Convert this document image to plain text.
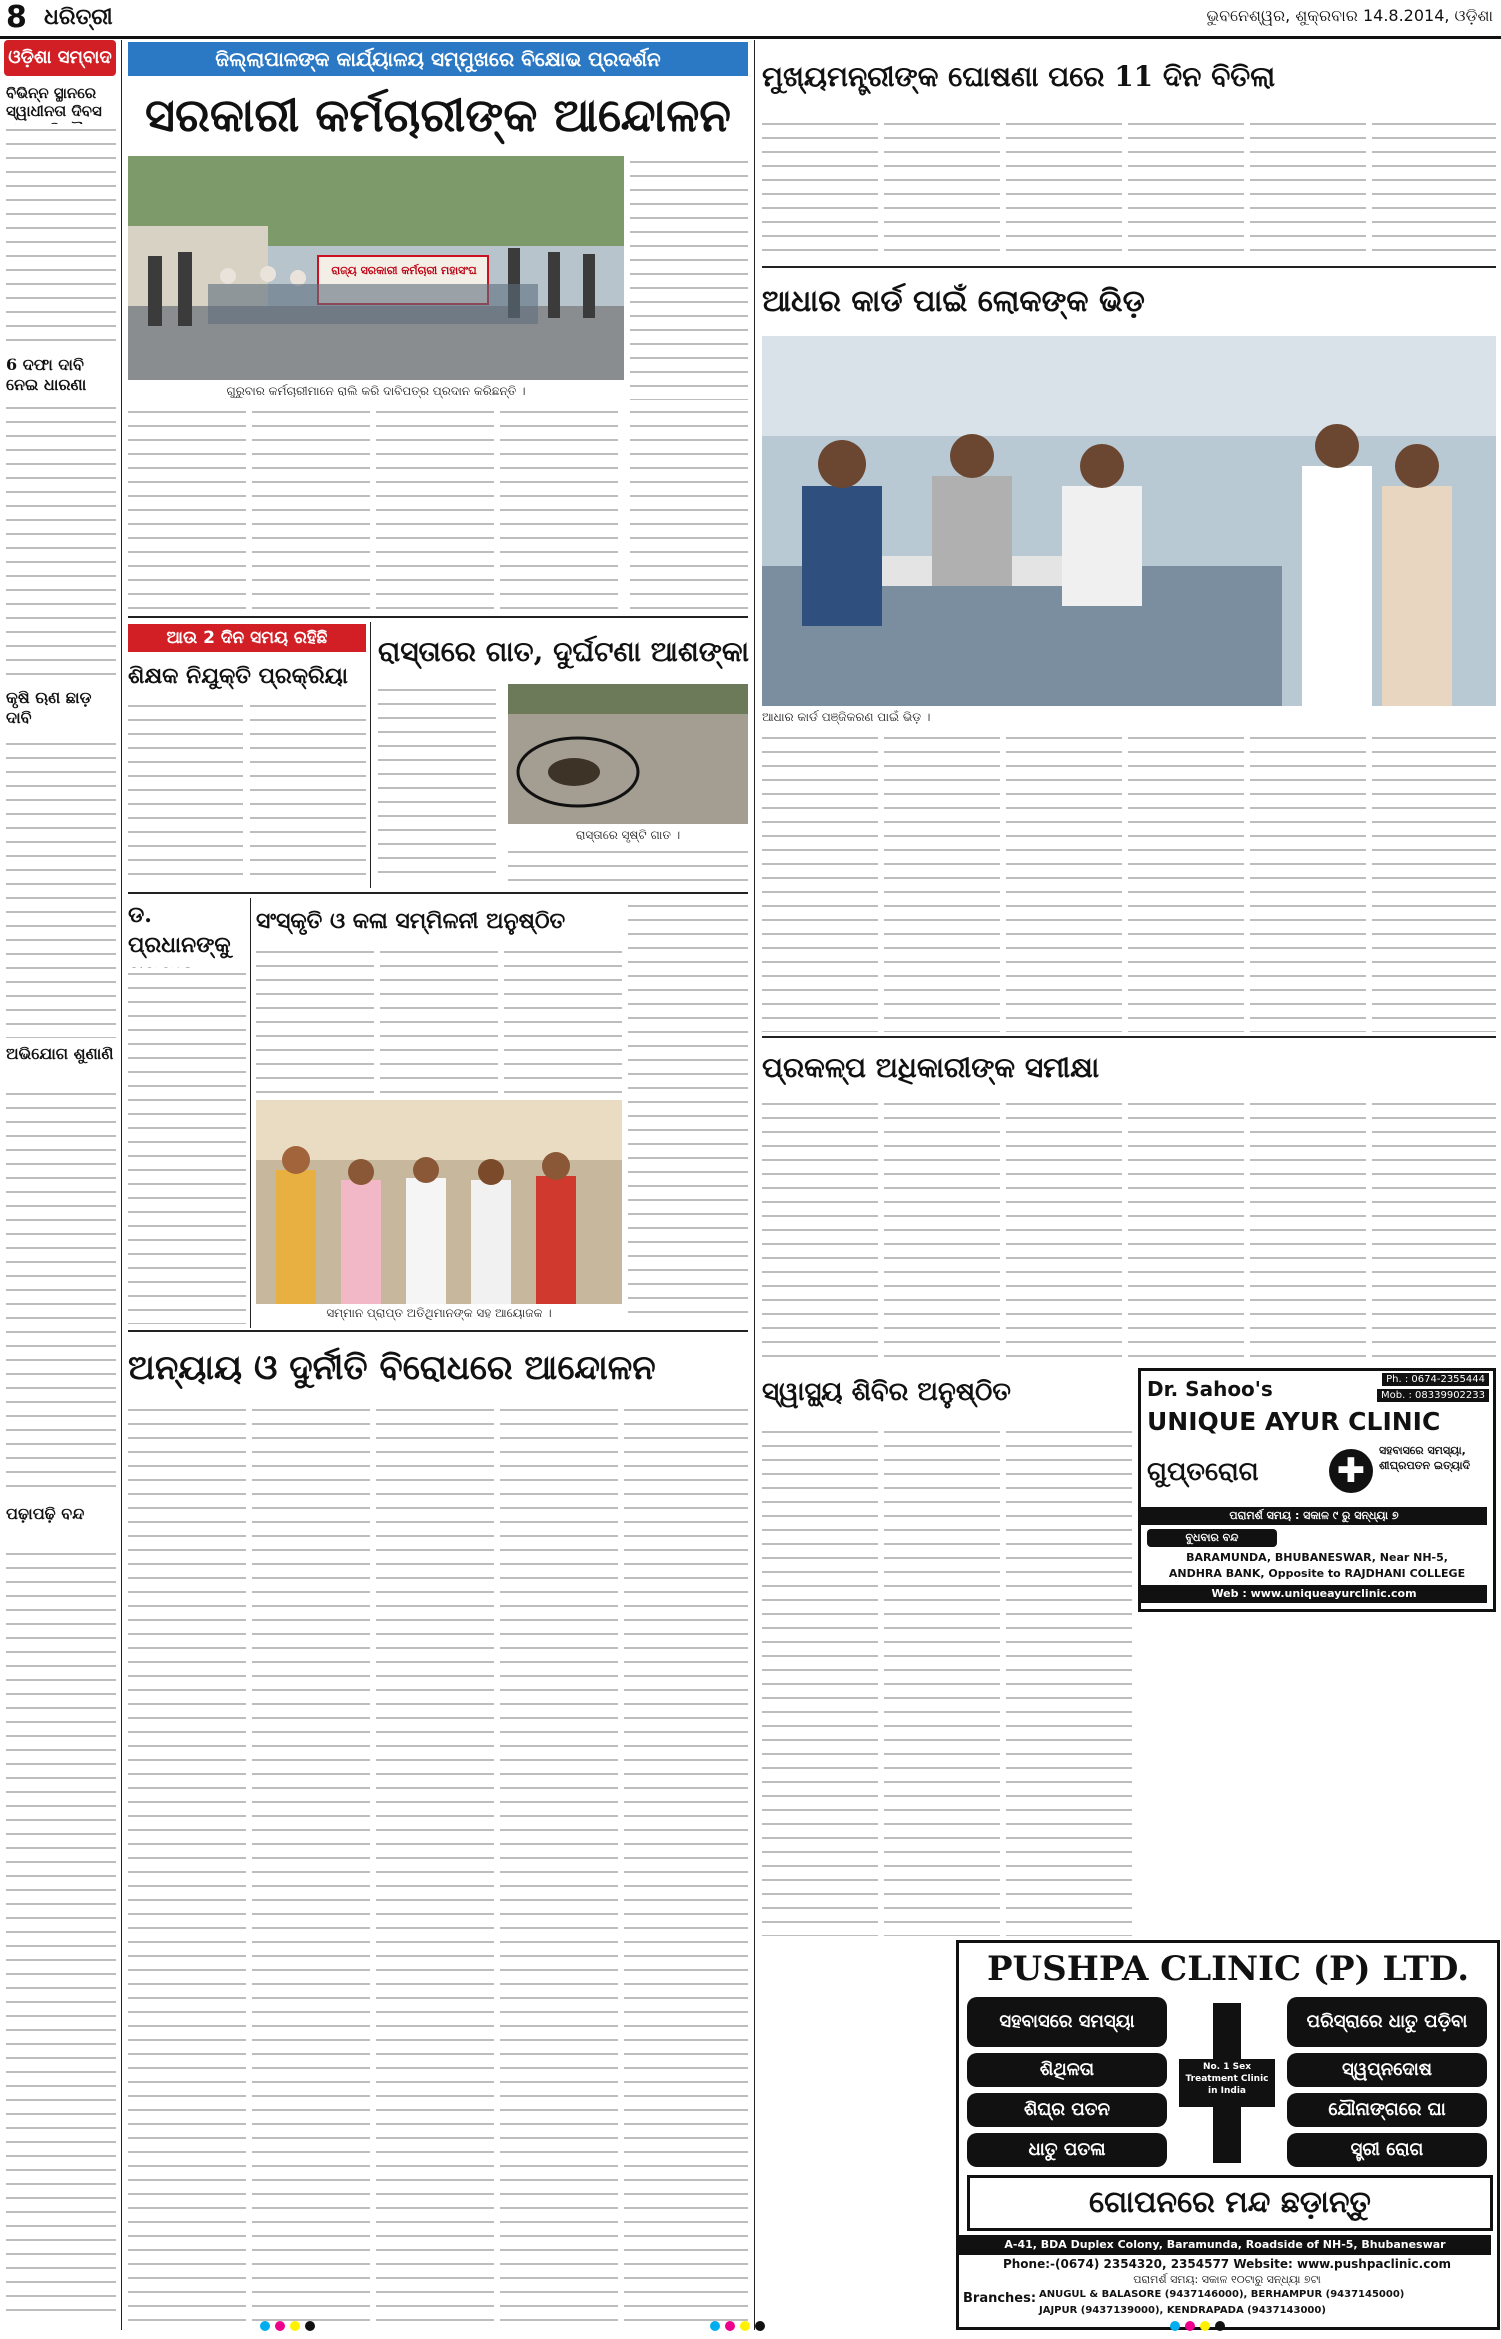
8 ଧରିତ୍ରୀ	ଭୁବନେଶ୍ୱର, ଶୁକ୍ରବାର 14.8.2014, ଓଡ଼ିଶା
ଓଡ଼ିଶା ସମ୍ବାଦ
ବିଭିନ୍ନ ସ୍ଥାନରେ ସ୍ୱାଧୀନତା ଦିବସ
6 ଦଫା ଦାବି ନେଇ ଧାରଣା
କୃଷି ଋଣ ଛାଡ଼ ଦାବି
ଅଭିଯୋଗ ଶୁଣାଣି
ପଢ଼ାପଢ଼ି ବନ୍ଦ
ଜିଲ୍ଲାପାଳଙ୍କ କାର୍ଯ୍ୟାଳୟ ସମ୍ମୁଖରେ ବିକ୍ଷୋଭ ପ୍ରଦର୍ଶନ
ସରକାରୀ କର୍ମଚାରୀଙ୍କ ଆନ୍ଦୋଳନ
ରାଜ୍ୟ ସରକାରୀ କର୍ମଚାରୀ ମହାସଂଘ
ଗୁରୁବାର କର୍ମଚାରୀମାନେ ରାଲି କରି ଦାବିପତ୍ର ପ୍ରଦାନ କରିଛନ୍ତି ।
ଆଉ 2 ଦିନ ସମୟ ରହିଛି
ଶିକ୍ଷକ ନିଯୁକ୍ତି ପ୍ରକ୍ରିୟା
ରାସ୍ତାରେ ଗାତ, ଦୁର୍ଘଟଣା ଆଶଙ୍କା
ରାସ୍ତାରେ ସୃଷ୍ଟି ଗାତ ।
ଡ. ପ୍ରଧାନଙ୍କୁ
ସଂସ୍କୃତି ଓ କଳା ସମ୍ମିଳନୀ ଅନୁଷ୍ଠିତ
ସମ୍ମାନ ପ୍ରାପ୍ତ ଅତିଥିମାନଙ୍କ ସହ ଆୟୋଜକ ।
ଅନ୍ୟାୟ ଓ ଦୁର୍ନୀତି ବିରୋଧରେ ଆନ୍ଦୋଳନ
ମୁଖ୍ୟମନ୍ତ୍ରୀଙ୍କ ଘୋଷଣା ପରେ 11 ଦିନ ବିତିଲା
ଆଧାର କାର୍ଡ ପାଇଁ ଲୋକଙ୍କ ଭିଡ଼
ଆଧାର କାର୍ଡ ପଞ୍ଜିକରଣ ପାଇଁ ଭିଡ଼ ।
ପ୍ରକଳ୍ପ ଅଧିକାରୀଙ୍କ ସମୀକ୍ଷା
ସ୍ୱାସ୍ଥ୍ୟ ଶିବିର ଅନୁଷ୍ଠିତ	Dr. Sahoo's	Ph. : 0674-2355444
Mob. : 08339902233
UNIQUE AYUR CLINIC
ଗୁପ୍ତରୋଗ	✚
ସହବାସରେ ସମସ୍ୟା, ଶୀଘ୍ରପତନ ଇତ୍ୟାଦି
ପରାମର୍ଶ ସମୟ : ସକାଳ ୯ ରୁ ସନ୍ଧ୍ୟା ୭
ବୁଧବାର ବନ୍ଦ
BARAMUNDA, BHUBANESWAR, Near NH-5,
ANDHRA BANK, Opposite to RAJDHANI COLLEGE
Web : www.uniqueayurclinic.com
PUSHPA CLINIC (P) LTD.
ସହବାସରେ ସମସ୍ୟା
ଶିଥିଳତା
ଶିଘ୍ର ପତନ
ଧାତୁ ପତଳା
No. 1 Sex Treatment Clinic in India
ପରିସ୍ରାରେ ଧାତୁ ପଡ଼ିବା
ସ୍ୱପ୍ନଦୋଷ
ଯୌନାଙ୍ଗରେ ଘା
ସ୍ତ୍ରୀ ରୋଗ
ଗୋପନରେ ମନ୍ଦ ଛଡ଼ାନ୍ତୁ
A-41, BDA Duplex Colony, Baramunda, Roadside of NH-5, Bhubaneswar
Phone:-(0674) 2354320, 2354577 Website: www.pushpaclinic.com
ପରାମର୍ଶ ସମୟ: ସକାଳ ୧୦ଟାରୁ ସନ୍ଧ୍ୟା ୭ଟା
Branches: ANUGUL & BALASORE (9437146000), BERHAMPUR (9437145000)
JAJPUR (9437139000), KENDRAPADA (9437143000)
